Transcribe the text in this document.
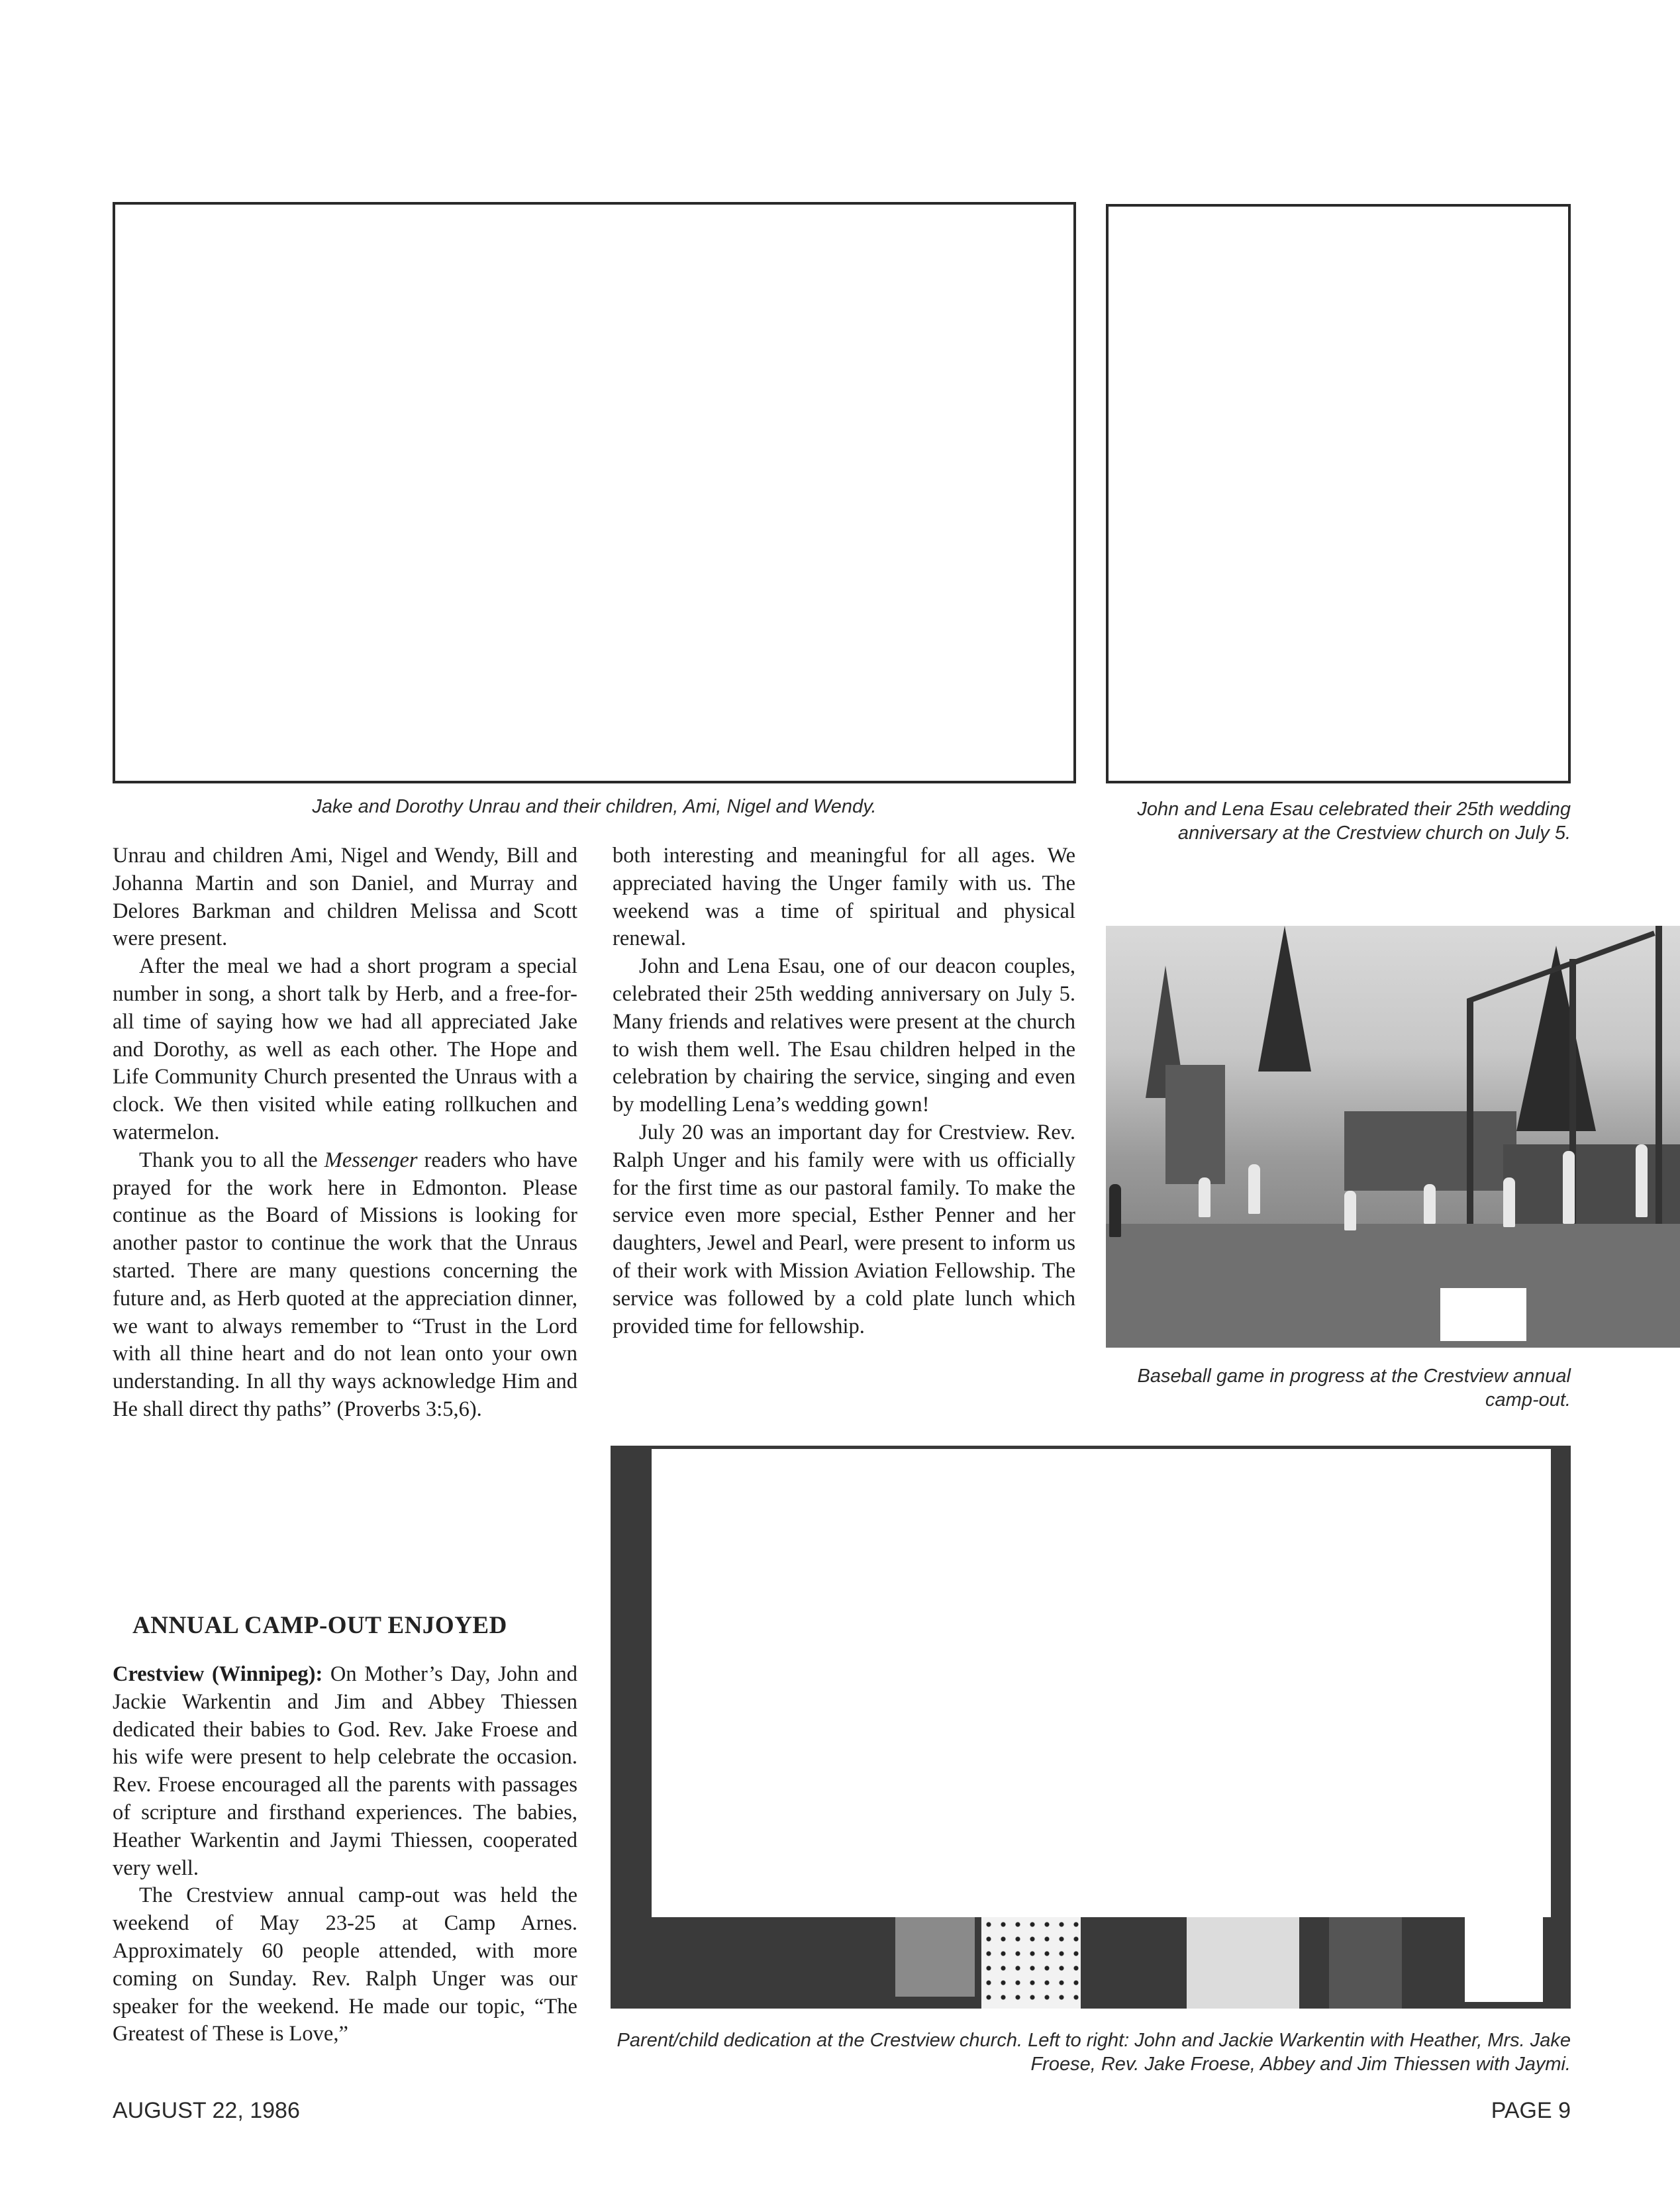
Jake and Dorothy Unrau and their children, Ami, Nigel and Wendy.	John and Lena Esau celebrated their 25th wedding anniversary at the Crestview church on July 5.
Baseball game in progress at the Crestview annual camp-out.
Parent/child dedication at the Crestview church. Left to right: John and Jackie Warkentin with Heather, Mrs. Jake Froese, Rev. Jake Froese, Abbey and Jim Thiessen with Jaymi.

Unrau and children Ami, Nigel and Wendy, Bill and Johanna Martin and son Daniel, and Murray and Delores Barkman and children Melissa and Scott were present.

After the meal we had a short program a special number in song, a short talk by Herb, and a free-for-all time of saying how we had all appreciated Jake and Dorothy, as well as each other. The Hope and Life Community Church presented the Unraus with a clock. We then visited while eating rollkuchen and watermelon.

Thank you to all the Messenger readers who have prayed for the work here in Edmonton. Please continue as the Board of Missions is looking for another pastor to continue the work that the Unraus started. There are many questions concerning the future and, as Herb quoted at the appreciation dinner, we want to always remember to “Trust in the Lord with all thine heart and do not lean onto your own understanding. In all thy ways acknowledge Him and He shall direct thy paths” (Proverbs 3:5,6).

ANNUAL CAMP-OUT ENJOYED

Crestview (Winnipeg): On Mother’s Day, John and Jackie Warkentin and Jim and Abbey Thiessen dedicated their babies to God. Rev. Jake Froese and his wife were present to help celebrate the occasion. Rev. Froese encouraged all the parents with passages of scripture and firsthand experiences. The babies, Heather Warkentin and Jaymi Thiessen, cooperated very well.

The Crestview annual camp-out was held the weekend of May 23-25 at Camp Arnes. Approximately 60 people attended, with more coming on Sunday. Rev. Ralph Unger was our speaker for the weekend. He made our topic, “The Greatest of These is Love,”

both interesting and meaningful for all ages. We appreciated having the Unger family with us. The weekend was a time of spiritual and physical renewal.

John and Lena Esau, one of our deacon couples, celebrated their 25th wedding anniversary on July 5. Many friends and relatives were present at the church to wish them well. The Esau children helped in the celebration by chairing the service, singing and even by modelling Lena’s wedding gown!

July 20 was an important day for Crestview. Rev. Ralph Unger and his family were with us officially for the first time as our pastoral family. To make the service even more special, Esther Penner and her daughters, Jewel and Pearl, were present to inform us of their work with Mission Aviation Fellowship. The service was followed by a cold plate lunch which provided time for fellowship.

AUGUST 22, 1986	PAGE 9
